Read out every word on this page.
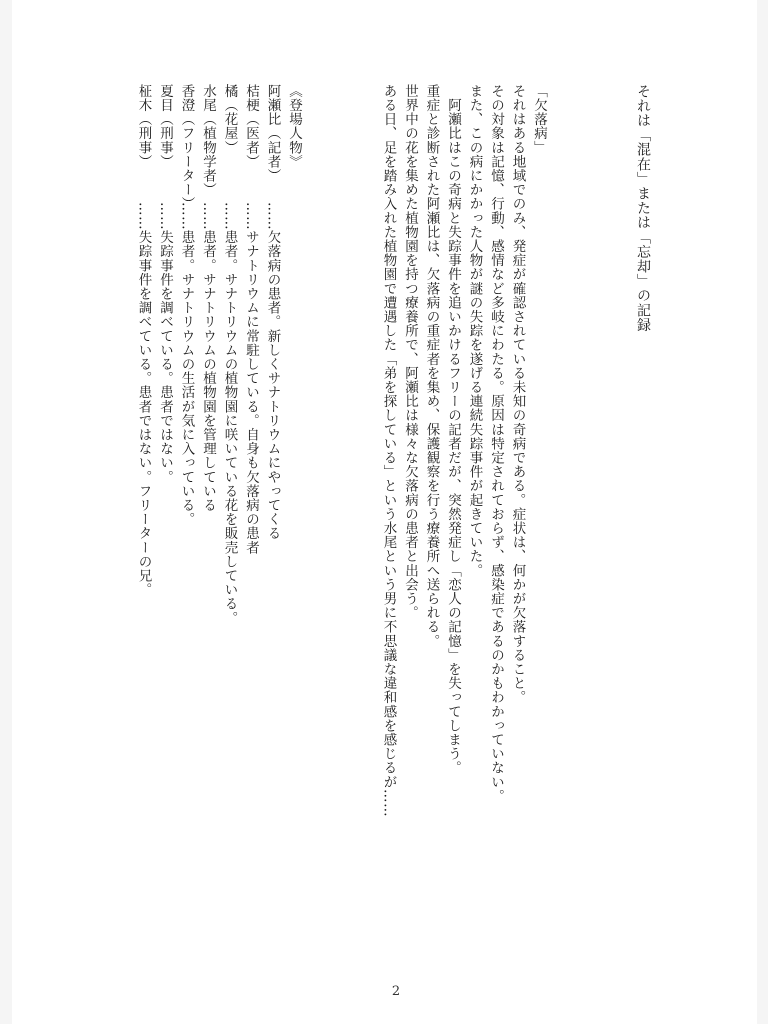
それは「混在」または「忘却」の記録
「欠落病」
それはある地域でのみ、発症が確認されている未知の奇病である。症状は、何かが欠落すること。
その対象は記憶、行動、感情など多岐にわたる。原因は特定されておらず、感染症であるのかもわかっていない。
また、この病にかかった人物が謎の失踪を遂げる連続失踪事件が起きていた。
　阿瀬比はこの奇病と失踪事件を追いかけるフリーの記者だが、突然発症し「恋人の記憶」を失ってしまう。
重症と診断された阿瀬比は、欠落病の重症者を集め、保護観察を行う療養所へ送られる。
世界中の花を集めた植物園を持つ療養所で、阿瀬比は様々な欠落病の患者と出会う。
ある日、足を踏み入れた植物園で遭遇した「弟を探している」という水尾という男に不思議な違和感を感じるが……
《登場人物》
阿瀬比（記者）……欠落病の患者。新しくサナトリウムにやってくる
桔梗（医者）……サナトリウムに常駐している。自身も欠落病の患者
橘（花屋）……患者。サナトリウムの植物園に咲いている花を販売している。
水尾（植物学者）……患者。サナトリウムの植物園を管理している
香澄（フリーター）……患者。サナトリウムの生活が気に入っている。
夏目（刑事）……失踪事件を調べている。患者ではない。
柾木（刑事）……失踪事件を調べている。患者ではない。フリーターの兄。
2
